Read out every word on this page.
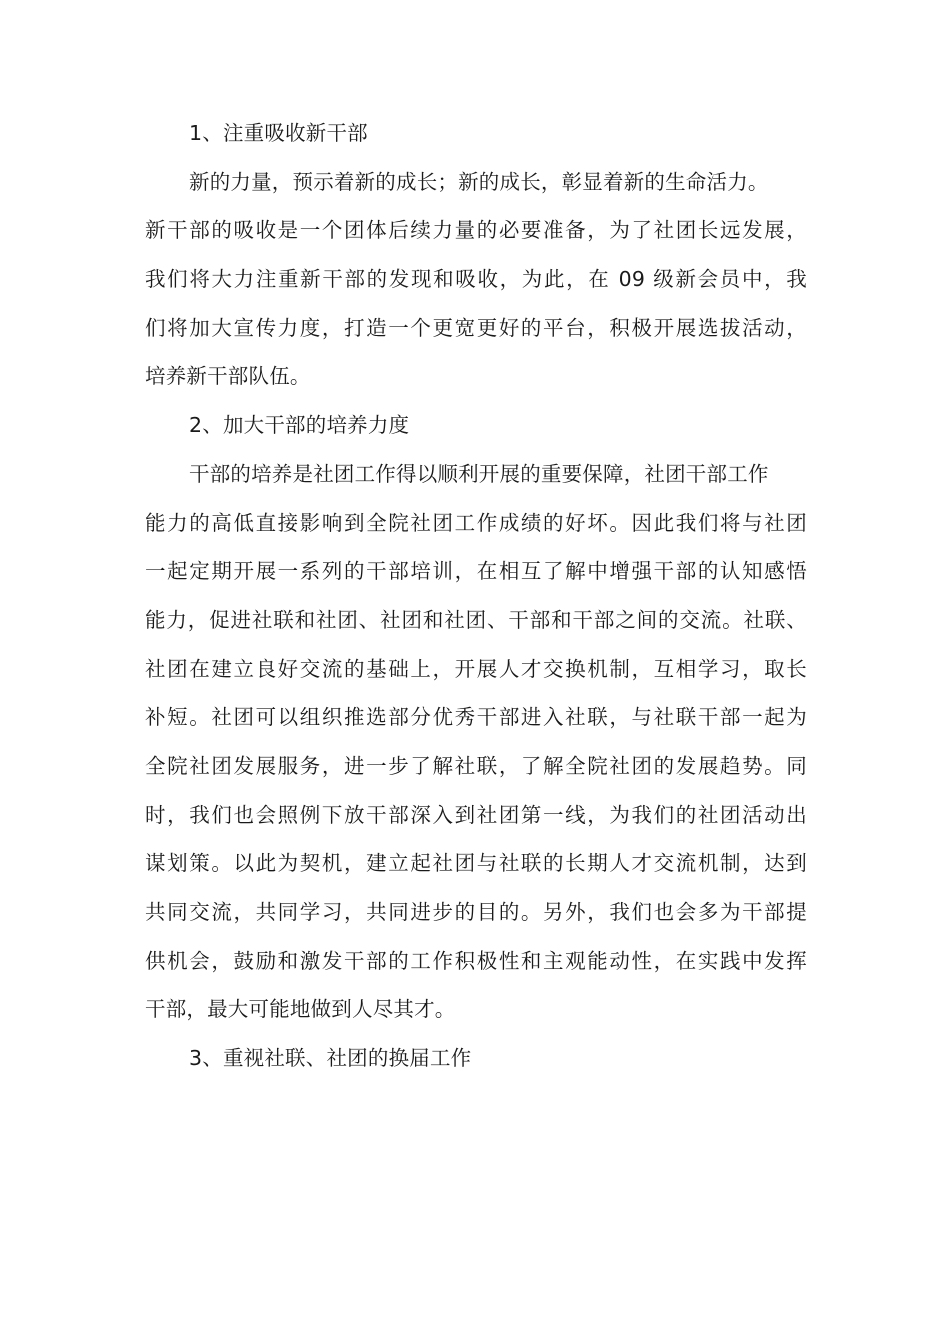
1、注重吸收新干部
新的力量，预示着新的成长；新的成长，彰显着新的生命活力。
新干部的吸收是一个团体后续力量的必要准备，为了社团长远发展，
我们将大力注重新干部的发现和吸收，为此，在 09 级新会员中，我
们将加大宣传力度，打造一个更宽更好的平台，积极开展选拔活动，
培养新干部队伍。
2、加大干部的培养力度
干部的培养是社团工作得以顺利开展的重要保障，社团干部工作
能力的高低直接影响到全院社团工作成绩的好坏。因此我们将与社团
一起定期开展一系列的干部培训，在相互了解中增强干部的认知感悟
能力，促进社联和社团、社团和社团、干部和干部之间的交流。社联、
社团在建立良好交流的基础上，开展人才交换机制，互相学习，取长
补短。社团可以组织推选部分优秀干部进入社联，与社联干部一起为
全院社团发展服务，进一步了解社联，了解全院社团的发展趋势。同
时，我们也会照例下放干部深入到社团第一线，为我们的社团活动出
谋划策。以此为契机，建立起社团与社联的长期人才交流机制，达到
共同交流，共同学习，共同进步的目的。另外，我们也会多为干部提
供机会，鼓励和激发干部的工作积极性和主观能动性，在实践中发挥
干部，最大可能地做到人尽其才。
3、重视社联、社团的换届工作
